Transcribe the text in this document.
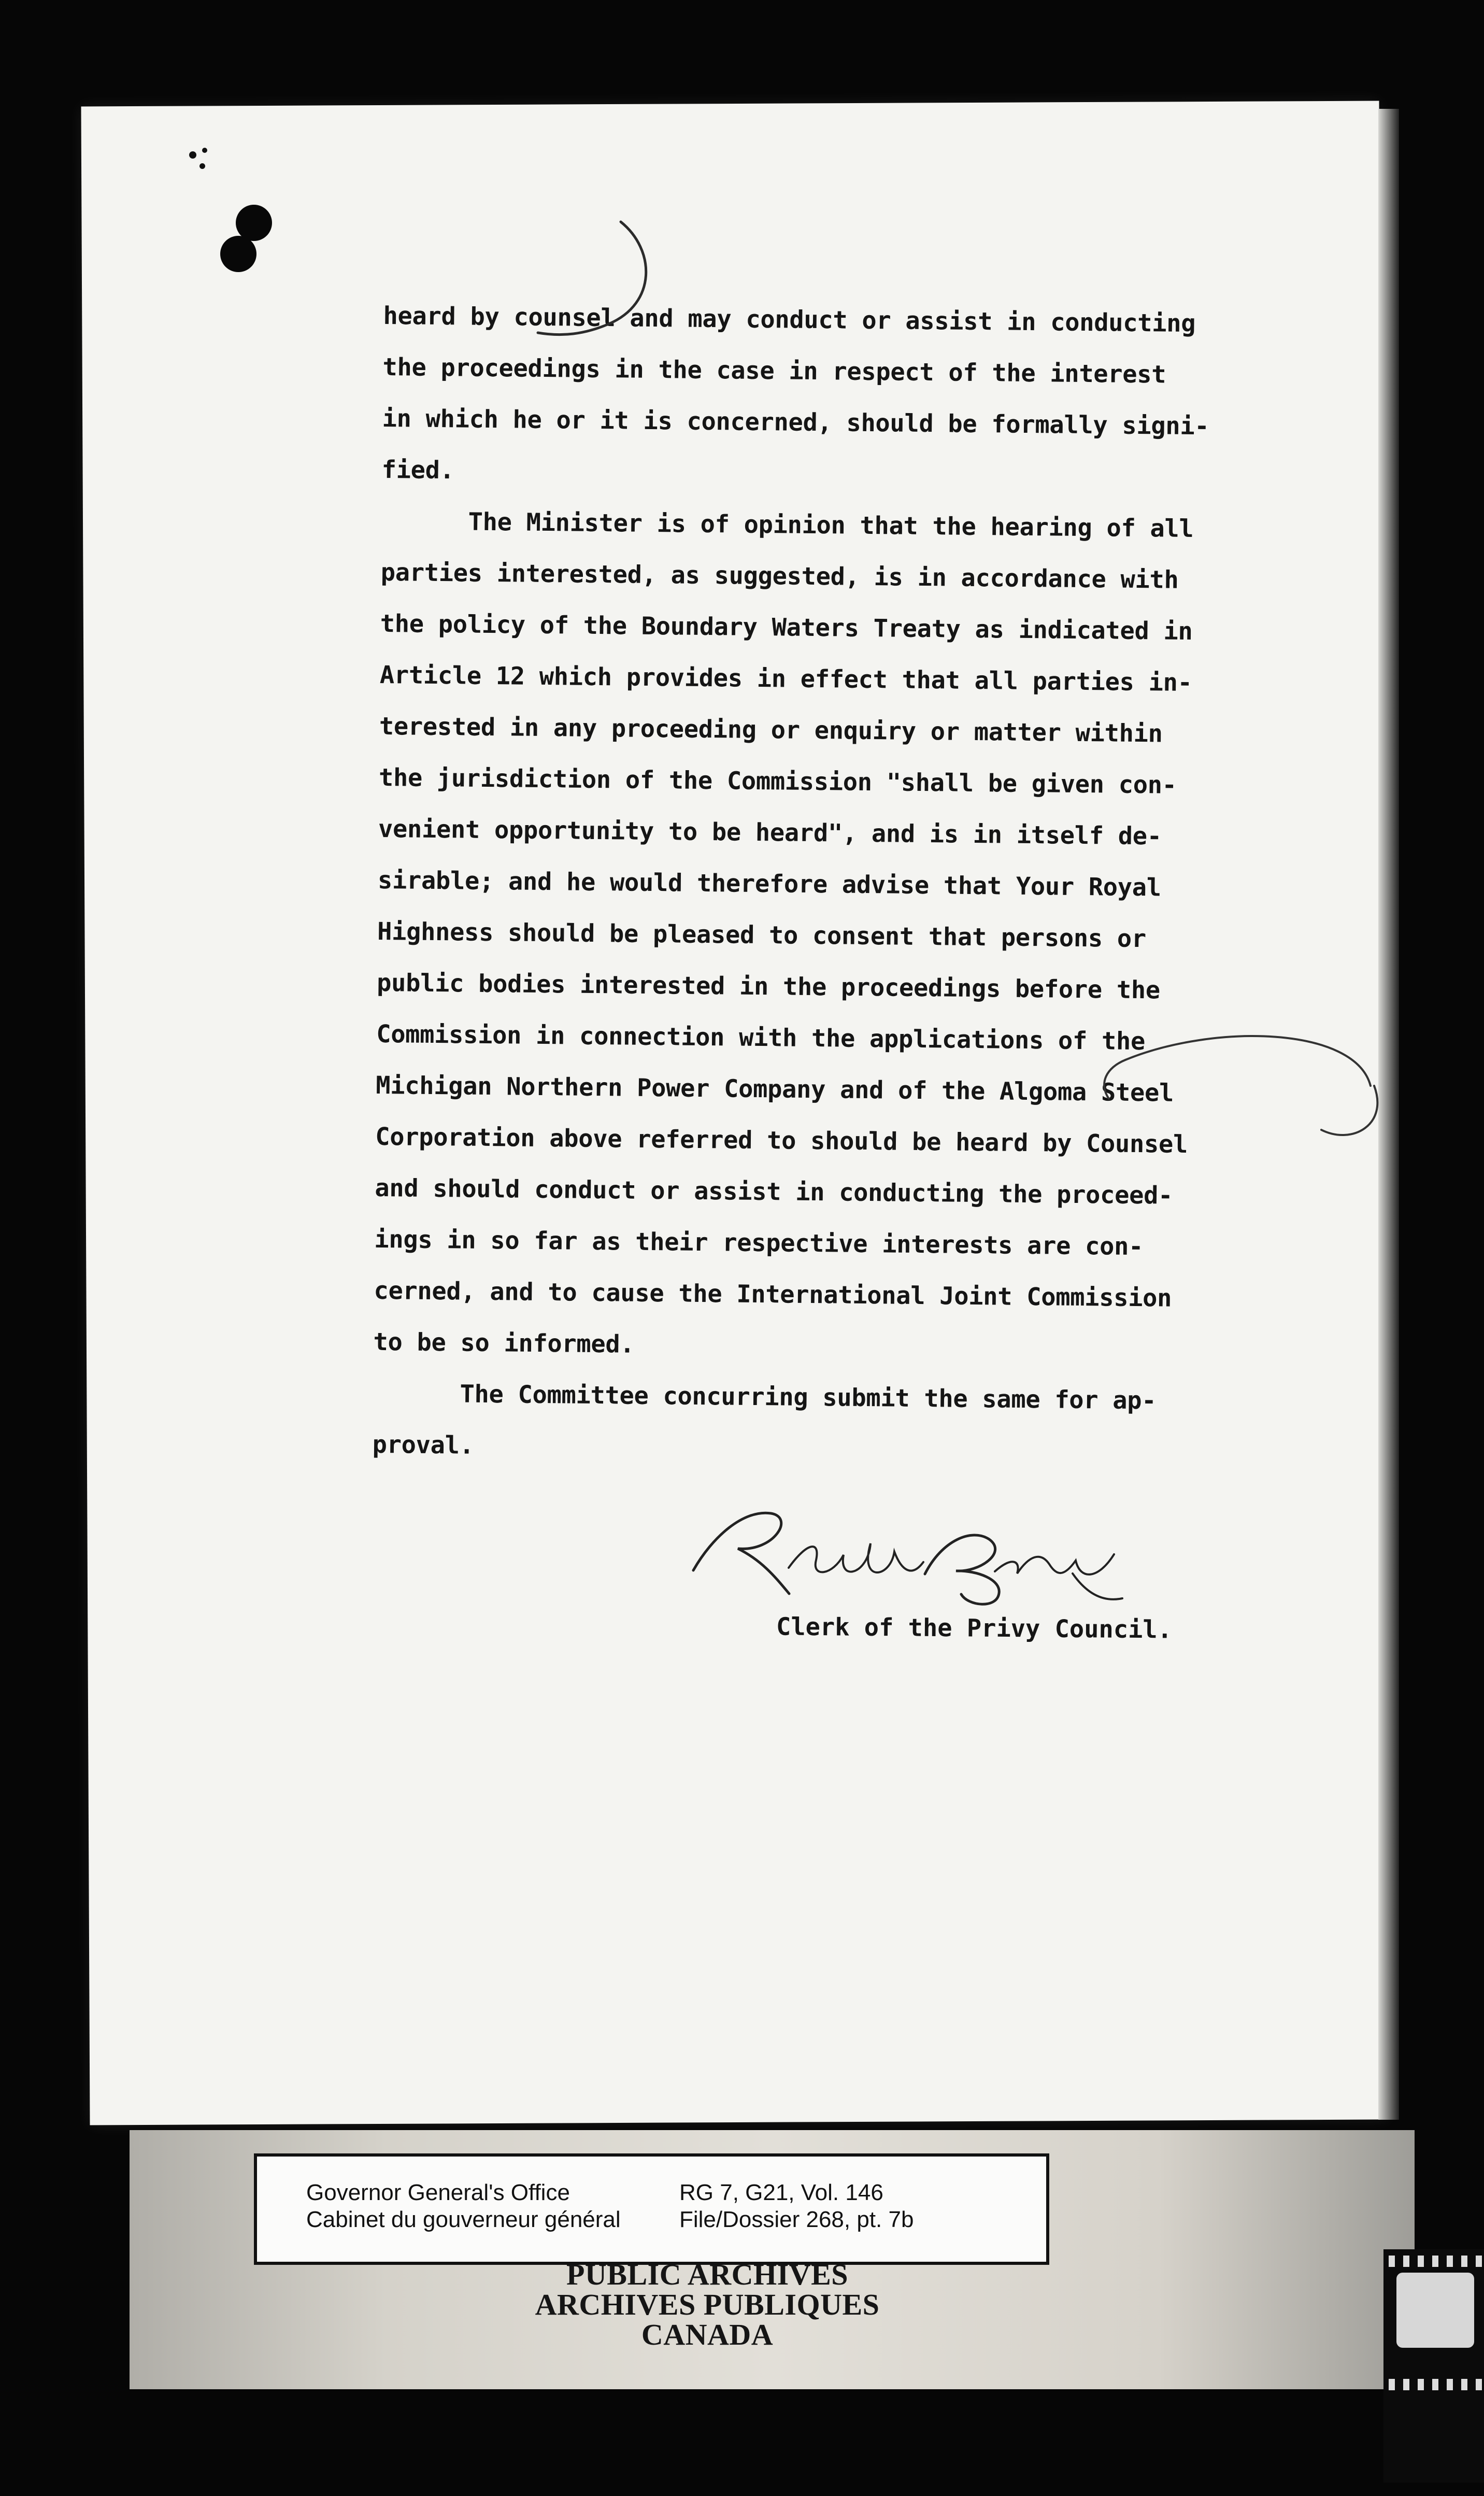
heard by counsel and may conduct or assist in conducting
the proceedings in the case in respect of the interest
in which he or it is concerned, should be formally signi-
fied.
The Minister is of opinion that the hearing of all
parties interested, as suggested, is in accordance with
the policy of the Boundary Waters Treaty as indicated in
Article 12 which provides in effect that all parties in-
terested in any proceeding or enquiry or matter within
the jurisdiction of the Commission "shall be given con-
venient opportunity to be heard", and is in itself de-
sirable; and he would therefore advise that Your Royal
Highness should be pleased to consent that persons or
public bodies interested in the proceedings before the
Commission in connection with the applications of the
Michigan Northern Power Company and of the Algoma Steel
Corporation above referred to should be heard by Counsel
and should conduct or assist in conducting the proceed-
ings in so far as their respective interests are con-
cerned, and to cause the International Joint Commission
to be so informed.
The Committee concurring submit the same for ap-
proval.
Clerk of the Privy Council.
Governor General's Office
Cabinet du gouverneur général
RG 7, G21, Vol. 146
File/Dossier 268, pt. 7b
PUBLIC ARCHIVES
ARCHIVES PUBLIQUES
CANADA
